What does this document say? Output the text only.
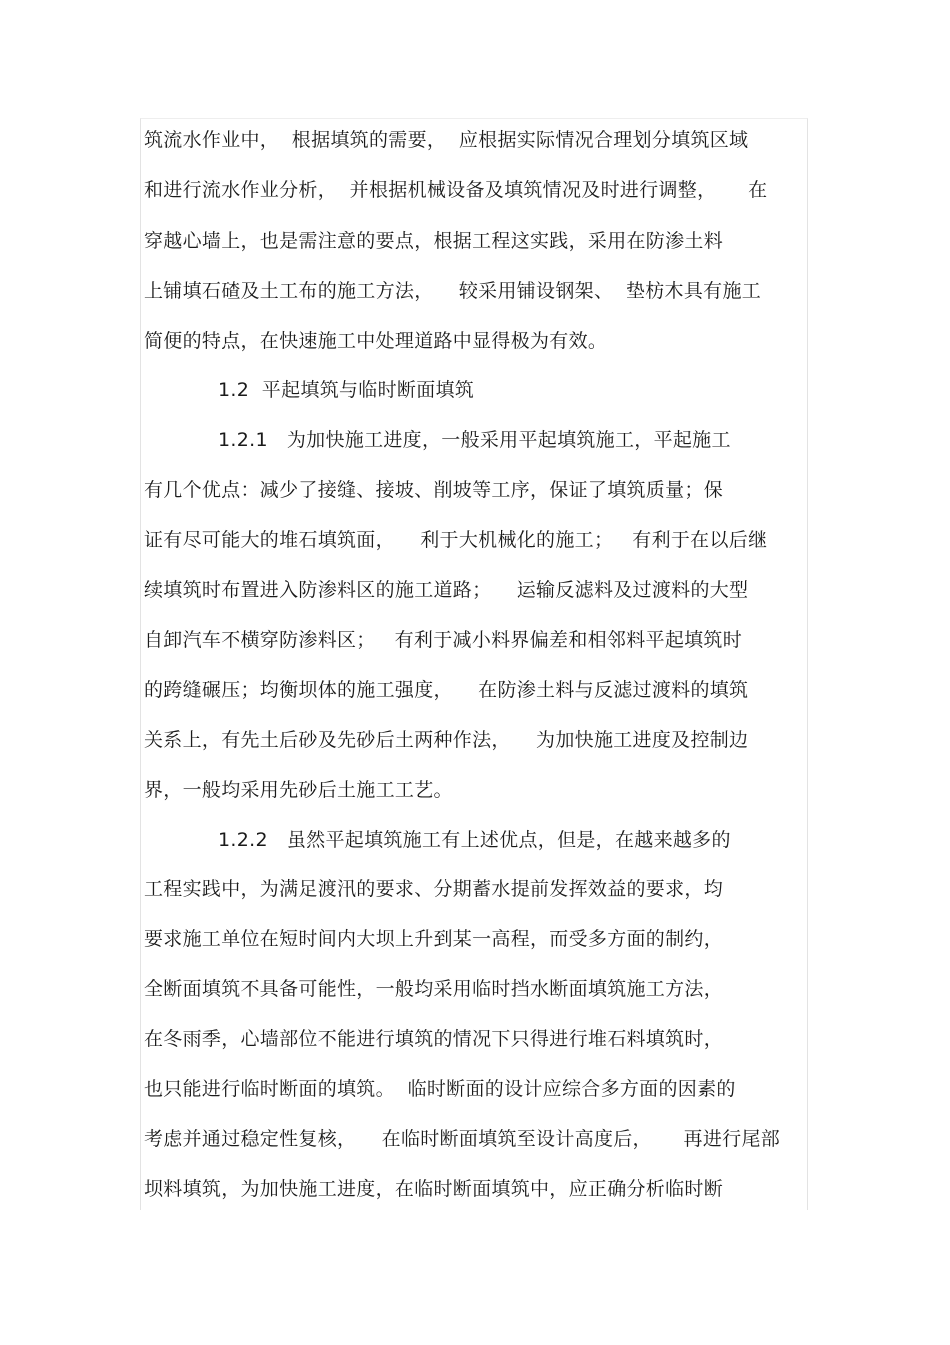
筑流水作业中，  根据填筑的需要，  应根据实际情况合理划分填筑区域
和进行流水作业分析，  并根据机械设备及填筑情况及时进行调整，     在
穿越心墙上，也是需注意的要点，根据工程这实践，采用在防渗土料
上铺填石碴及土工布的施工方法，    较采用铺设钢架、  垫枋木具有施工
简便的特点，在快速施工中处理道路中显得极为有效。
1.2  平起填筑与临时断面填筑
1.2.1   为加快施工进度，一般采用平起填筑施工，平起施工
有几个优点：减少了接缝、接坡、削坡等工序，保证了填筑质量；保
证有尽可能大的堆石填筑面，    利于大机械化的施工；   有利于在以后继
续填筑时布置进入防渗料区的施工道路；    运输反滤料及过渡料的大型
自卸汽车不横穿防渗料区；   有利于减小料界偏差和相邻料平起填筑时
的跨缝碾压；均衡坝体的施工强度，    在防渗土料与反滤过渡料的填筑
关系上，有先土后砂及先砂后土两种作法，    为加快施工进度及控制边
界，一般均采用先砂后土施工工艺。
1.2.2   虽然平起填筑施工有上述优点，但是，在越来越多的
工程实践中，为满足渡汛的要求、分期蓄水提前发挥效益的要求，均
要求施工单位在短时间内大坝上升到某一高程，而受多方面的制约，
全断面填筑不具备可能性，一般均采用临时挡水断面填筑施工方法，
在冬雨季，心墙部位不能进行填筑的情况下只得进行堆石料填筑时，
也只能进行临时断面的填筑。  临时断面的设计应综合多方面的因素的
考虑并通过稳定性复核，    在临时断面填筑至设计高度后，     再进行尾部
坝料填筑，为加快施工进度，在临时断面填筑中，应正确分析临时断
